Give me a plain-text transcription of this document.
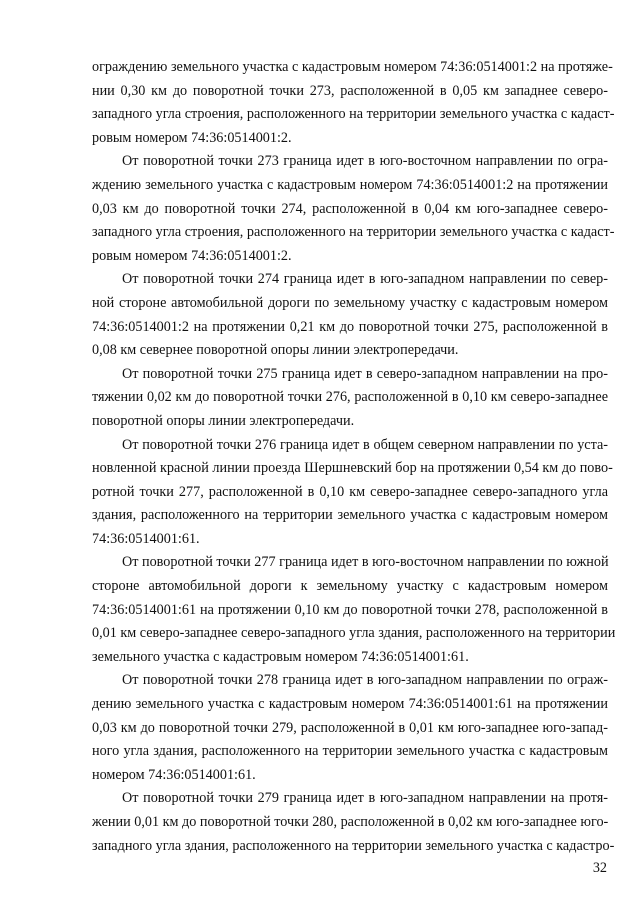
ограждению земельного участка с кадастровым номером 74:36:0514001:2 на протяже-
нии 0,30 км до поворотной точки 273, расположенной в 0,05 км западнее северо-
западного угла строения, расположенного на территории земельного участка с кадаст-
ровым номером 74:36:0514001:2.

От поворотной точки 273 граница идет в юго-восточном направлении по огра-
ждению земельного участка с кадастровым номером 74:36:0514001:2 на протяжении
0,03 км до поворотной точки 274, расположенной в 0,04 км юго-западнее северо-
западного угла строения, расположенного на территории земельного участка с кадаст-
ровым номером 74:36:0514001:2.

От поворотной точки 274 граница идет в юго-западном направлении по север-
ной стороне автомобильной дороги по земельному участку с кадастровым номером
74:36:0514001:2 на протяжении 0,21 км до поворотной точки 275, расположенной в
0,08 км севернее поворотной опоры линии электропередачи.

От поворотной точки 275 граница идет в северо-западном направлении на про-
тяжении 0,02 км до поворотной точки 276, расположенной в 0,10 км северо-западнее
поворотной опоры линии электропередачи.

От поворотной точки 276 граница идет в общем северном направлении по уста-
новленной красной линии проезда Шершневский бор на протяжении 0,54 км до пово-
ротной точки 277, расположенной в 0,10 км северо-западнее северо-западного угла
здания, расположенного на территории земельного участка с кадастровым номером
74:36:0514001:61.

От поворотной точки 277 граница идет в юго-восточном направлении по южной
стороне автомобильной дороги к земельному участку с кадастровым номером
74:36:0514001:61 на протяжении 0,10 км до поворотной точки 278, расположенной в
0,01 км северо-западнее северо-западного угла здания, расположенного на территории
земельного участка с кадастровым номером 74:36:0514001:61.

От поворотной точки 278 граница идет в юго-западном направлении по ограж-
дению земельного участка с кадастровым номером 74:36:0514001:61 на протяжении
0,03 км до поворотной точки 279, расположенной в 0,01 км юго-западнее юго-запад-
ного угла здания, расположенного на территории земельного участка с кадастровым
номером 74:36:0514001:61.

От поворотной точки 279 граница идет в юго-западном направлении на протя-
жении 0,01 км до поворотной точки 280, расположенной в 0,02 км юго-западнее юго-
западного угла здания, расположенного на территории земельного участка с кадастро-

32
